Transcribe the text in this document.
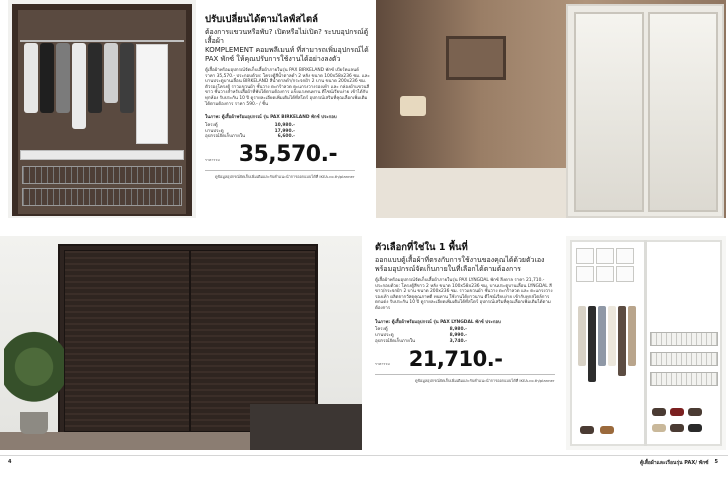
ปรับเปลี่ยนได้ตามไลฟ์สไตล์
ต้องการแขวนหรือพับ? เปิดหรือไม่เปิด? ระบบอุปกรณ์ตู้เสื้อผ้า
KOMPLEMENT คอมพลีเมนท์ ที่สามารถเพิ่มอุปกรณ์ได้
PAX พักซ์ ให้คุณปรับการใช้งานได้อย่างลงตัว

ตู้เสื้อผ้าพร้อมอุปกรณ์จัดเก็บเสื้อผ้าภายในรุ่น PAX BIRKELAND พักซ์ เบียร์คแลนด์ ราคา 35,570.- ประกอบด้วย: โครงตู้สีน้ำตาลดำ 2 หลัง ขนาด 100x58x236 ซม. และ บานประตูบานเลื่อน BIRKELAND สีน้ำตาลดำ/กระจกฝ้า 2 บาน ขนาด 200x236 ซม. ตัวรองโครงตู้ ราวแขวนผ้า ชั้นวาง ตะกร้าลวด ตะแกรงวางรองเท้า และ กล่องผ้าแขวนสีขาว ชั้นวางสำหรับเสื้อผ้าที่พับได้ตามต้องการ แข็งแรงทนทาน ดีไซน์เรียบง่าย เข้าได้กับทุกห้อง รับประกัน 10 ปี ดูรายละเอียดเพิ่มเติมได้ที่สโตร์ อุปกรณ์เสริมที่คุณเลือกเพิ่มเติมได้ตามต้องการ ราคา 590.- / ชิ้น

ในภาพ: ตู้เสื้อผ้าพร้อมอุปกรณ์ รุ่น PAX BIRKELAND พักซ์ ประกอบ
โครงตู้	10,980.-
บานประตู	17,990.-
อุปกรณ์จัดเก็บภายใน	6,600.-
ราคารวม 35,570.-
ดูข้อมูลอุปกรณ์จัดเก็บเพิ่มเติมและรับคำแนะนำการออกแบบได้ที่ IKEA.co.th/planner
ตัวเลือกที่ใช่ใน 1 พื้นที่
ออกแบบตู้เสื้อผ้าที่ตรงกับการใช้งานของคุณได้ด้วยตัวเอง
พร้อมอุปกรณ์จัดเก็บภายในที่เลือกได้ตามต้องการ

ตู้เสื้อผ้าพร้อมอุปกรณ์จัดเก็บเสื้อผ้าภายในรุ่น PAX LYNGDAL พักซ์ ลึงดาล ราคา 21,710.- ประกอบด้วย: โครงตู้สีขาว 2 หลัง ขนาด 100x58x236 ซม. บานประตูบานเลื่อน LYNGDAL สีขาว/กระจกฝ้า 2 บาน ขนาด 200x236 ซม. ราวแขวนผ้า ชั้นวาง ตะกร้าลวด และ ตะแกรงวางรองเท้า ผลิตจากวัสดุคุณภาพดี ทนทาน ใช้งานได้ยาวนาน ดีไซน์เรียบง่าย เข้ากับทุกสไตล์การตกแต่ง รับประกัน 10 ปี ดูรายละเอียดเพิ่มเติมได้ที่สโตร์ อุปกรณ์เสริมที่คุณเลือกเพิ่มเติมได้ตามต้องการ

ในภาพ: ตู้เสื้อผ้าพร้อมอุปกรณ์ รุ่น PAX LYNGDAL พักซ์ ประกอบ
โครงตู้	8,980.-
บานประตู	8,990.-
อุปกรณ์จัดเก็บภายใน	3,740.-
ราคารวม 21,710.-
ดูข้อมูลอุปกรณ์จัดเก็บเพิ่มเติมและรับคำแนะนำการออกแบบได้ที่ IKEA.co.th/planner
4	ตู้เสื้อผ้าและเรือนรุ่น PAX/ พักซ์ 5
